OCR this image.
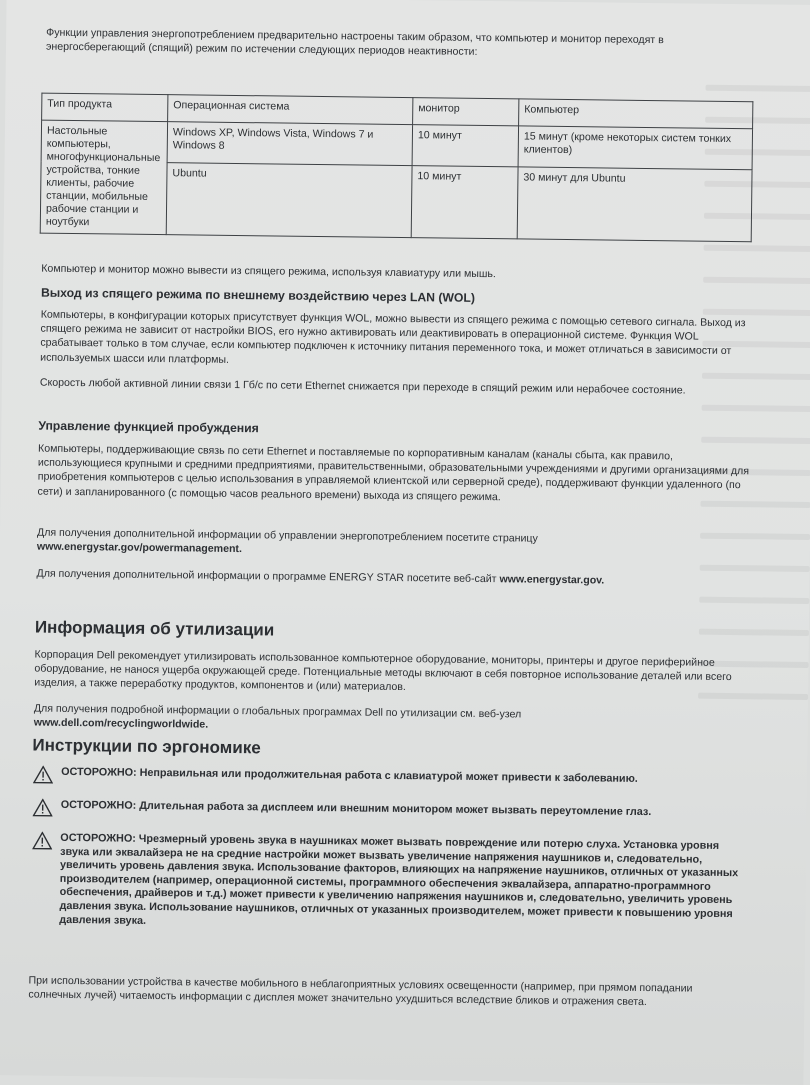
Функции управления энергопотреблением предварительно настроены таким образом, что компьютер и монитор переходят в энергосберегающий (спящий) режим по истечении следующих периодов неактивности:

Тип продукта	Операционная система	монитор	Компьютер
Настольные компьютеры, многофункциональные устройства, тонкие клиенты, рабочие станции, мобильные рабочие станции и ноутбуки	Windows XP, Windows Vista, Windows 7 и Windows 8	10 минут	15 минут (кроме некоторых систем тонких клиентов)
	Ubuntu	10 минут	30 минут для Ubuntu

Компьютер и монитор можно вывести из спящего режима, используя клавиатуру или мышь.

Выход из спящего режима по внешнему воздействию через LAN (WOL)

Компьютеры, в конфигурации которых присутствует функция WOL, можно вывести из спящего режима с помощью сетевого сигнала. Выход из спящего режима не зависит от настройки BIOS, его нужно активировать или деактивировать в операционной системе. Функция WOL срабатывает только в том случае, если компьютер подключен к источнику питания переменного тока, и может отличаться в зависимости от используемых шасси или платформы.

Скорость любой активной линии связи 1 Гб/с по сети Ethernet снижается при переходе в спящий режим или нерабочее состояние.

Управление функцией пробуждения

Компьютеры, поддерживающие связь по сети Ethernet и поставляемые по корпоративным каналам (каналы сбыта, как правило, использующиеся крупными и средними предприятиями, правительственными, образовательными учреждениями и другими организациями для приобретения компьютеров с целью использования в управляемой клиентской или серверной среде), поддерживают функции удаленного (по сети) и запланированного (с помощью часов реального времени) выхода из спящего режима.

Для получения дополнительной информации об управлении энергопотреблением посетите страницу
www.energystar.gov/powermanagement.

Для получения дополнительной информации о программе ENERGY STAR посетите веб-сайт www.energystar.gov.

Информация об утилизации

Корпорация Dell рекомендует утилизировать использованное компьютерное оборудование, мониторы, принтеры и другое периферийное оборудование, не нанося ущерба окружающей среде. Потенциальные методы включают в себя повторное использование деталей или всего изделия, а также переработку продуктов, компонентов и (или) материалов.

Для получения подробной информации о глобальных программах Dell по утилизации см. веб-узел
www.dell.com/recyclingworldwide.

Инструкции по эргономике
ОСТОРОЖНО: Неправильная или продолжительная работа с клавиатурой может привести к заболеванию.
ОСТОРОЖНО: Длительная работа за дисплеем или внешним монитором может вызвать переутомление глаз.
ОСТОРОЖНО: Чрезмерный уровень звука в наушниках может вызвать повреждение или потерю слуха. Установка уровня звука или эквалайзера не на средние настройки может вызвать увеличение напряжения наушников и, следовательно, увеличить уровень давления звука. Использование факторов, влияющих на напряжение наушников, отличных от указанных производителем (например, операционной системы, программного обеспечения эквалайзера, аппаратно-программного обеспечения, драйверов и т.д.) может привести к увеличению напряжения наушников и, следовательно, увеличить уровень давления звука. Использование наушников, отличных от указанных производителем, может привести к повышению уровня давления звука.

При использовании устройства в качестве мобильного в неблагоприятных условиях освещенности (например, при прямом попадании солнечных лучей) читаемость информации с дисплея может значительно ухудшиться вследствие бликов и отражения света.
